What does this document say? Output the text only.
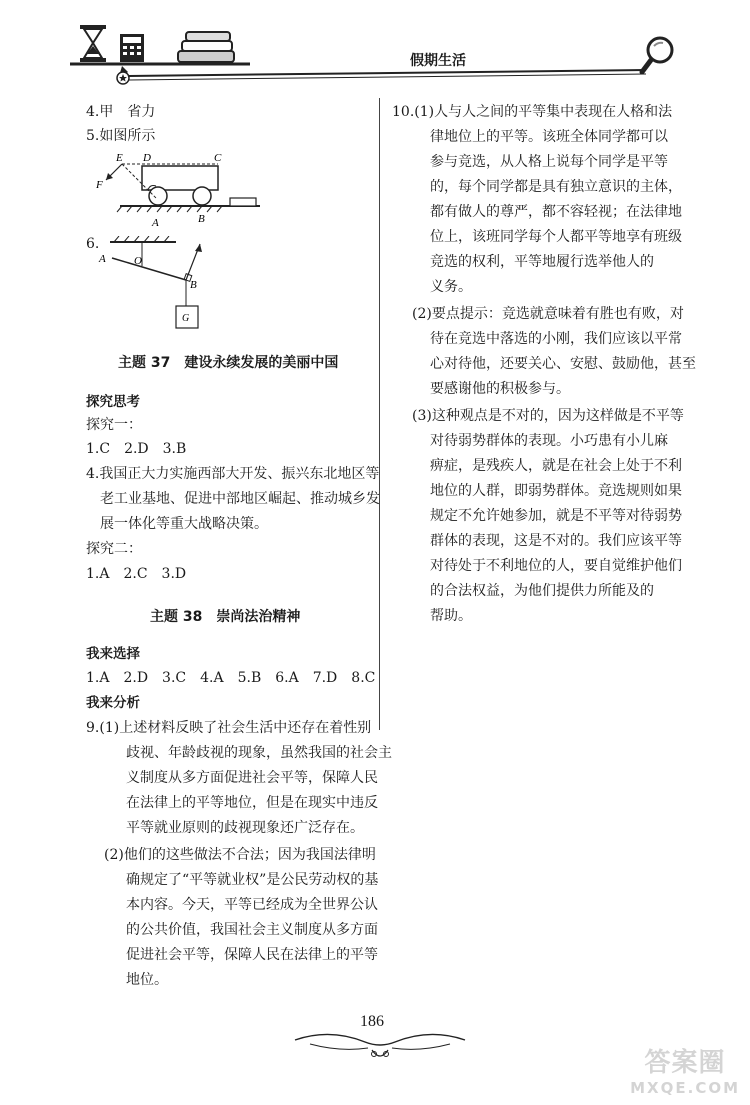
假期生活
4.甲　省力
5.如图所示
E D	C
F
A	B
6.
A	O
B
G
主题 37　建设永续发展的美丽中国
探究思考
探究一：
1.C　2.D　3.B
4.我国正大力实施西部大开发、振兴东北地区等
老工业基地、促进中部地区崛起、推动城乡发
展一体化等重大战略决策。
探究二：
1.A　2.C　3.D
主题 38　崇尚法治精神
我来选择
1.A　2.D　3.C　4.A　5.B　6.A　7.D　8.C
我来分析
9.(1)上述材料反映了社会生活中还存在着性别
歧视、年龄歧视的现象，虽然我国的社会主
义制度从多方面促进社会平等，保障人民
在法律上的平等地位，但是在现实中违反
平等就业原则的歧视现象还广泛存在。
(2)他们的这些做法不合法；因为我国法律明
确规定了“平等就业权”是公民劳动权的基
本内容。今天，平等已经成为全世界公认
的公共价值，我国社会主义制度从多方面
促进社会平等，保障人民在法律上的平等
地位。
10.(1)人与人之间的平等集中表现在人格和法
律地位上的平等。该班全体同学都可以
参与竞选，从人格上说每个同学是平等
的，每个同学都是具有独立意识的主体，
都有做人的尊严，都不容轻视；在法律地
位上，该班同学每个人都平等地享有班级
竞选的权利，平等地履行选举他人的
义务。
(2)要点提示：竞选就意味着有胜也有败，对
待在竞选中落选的小刚，我们应该以平常
心对待他，还要关心、安慰、鼓励他，甚至
要感谢他的积极参与。
(3)这种观点是不对的，因为这样做是不平等
对待弱势群体的表现。小巧患有小儿麻
痹症，是残疾人，就是在社会上处于不利
地位的人群，即弱势群体。竞选规则如果
规定不允许她参加，就是不平等对待弱势
群体的表现，这是不对的。我们应该平等
对待处于不利地位的人，要自觉维护他们
的合法权益，为他们提供力所能及的
帮助。
186
答案圈
MXQE.COM
